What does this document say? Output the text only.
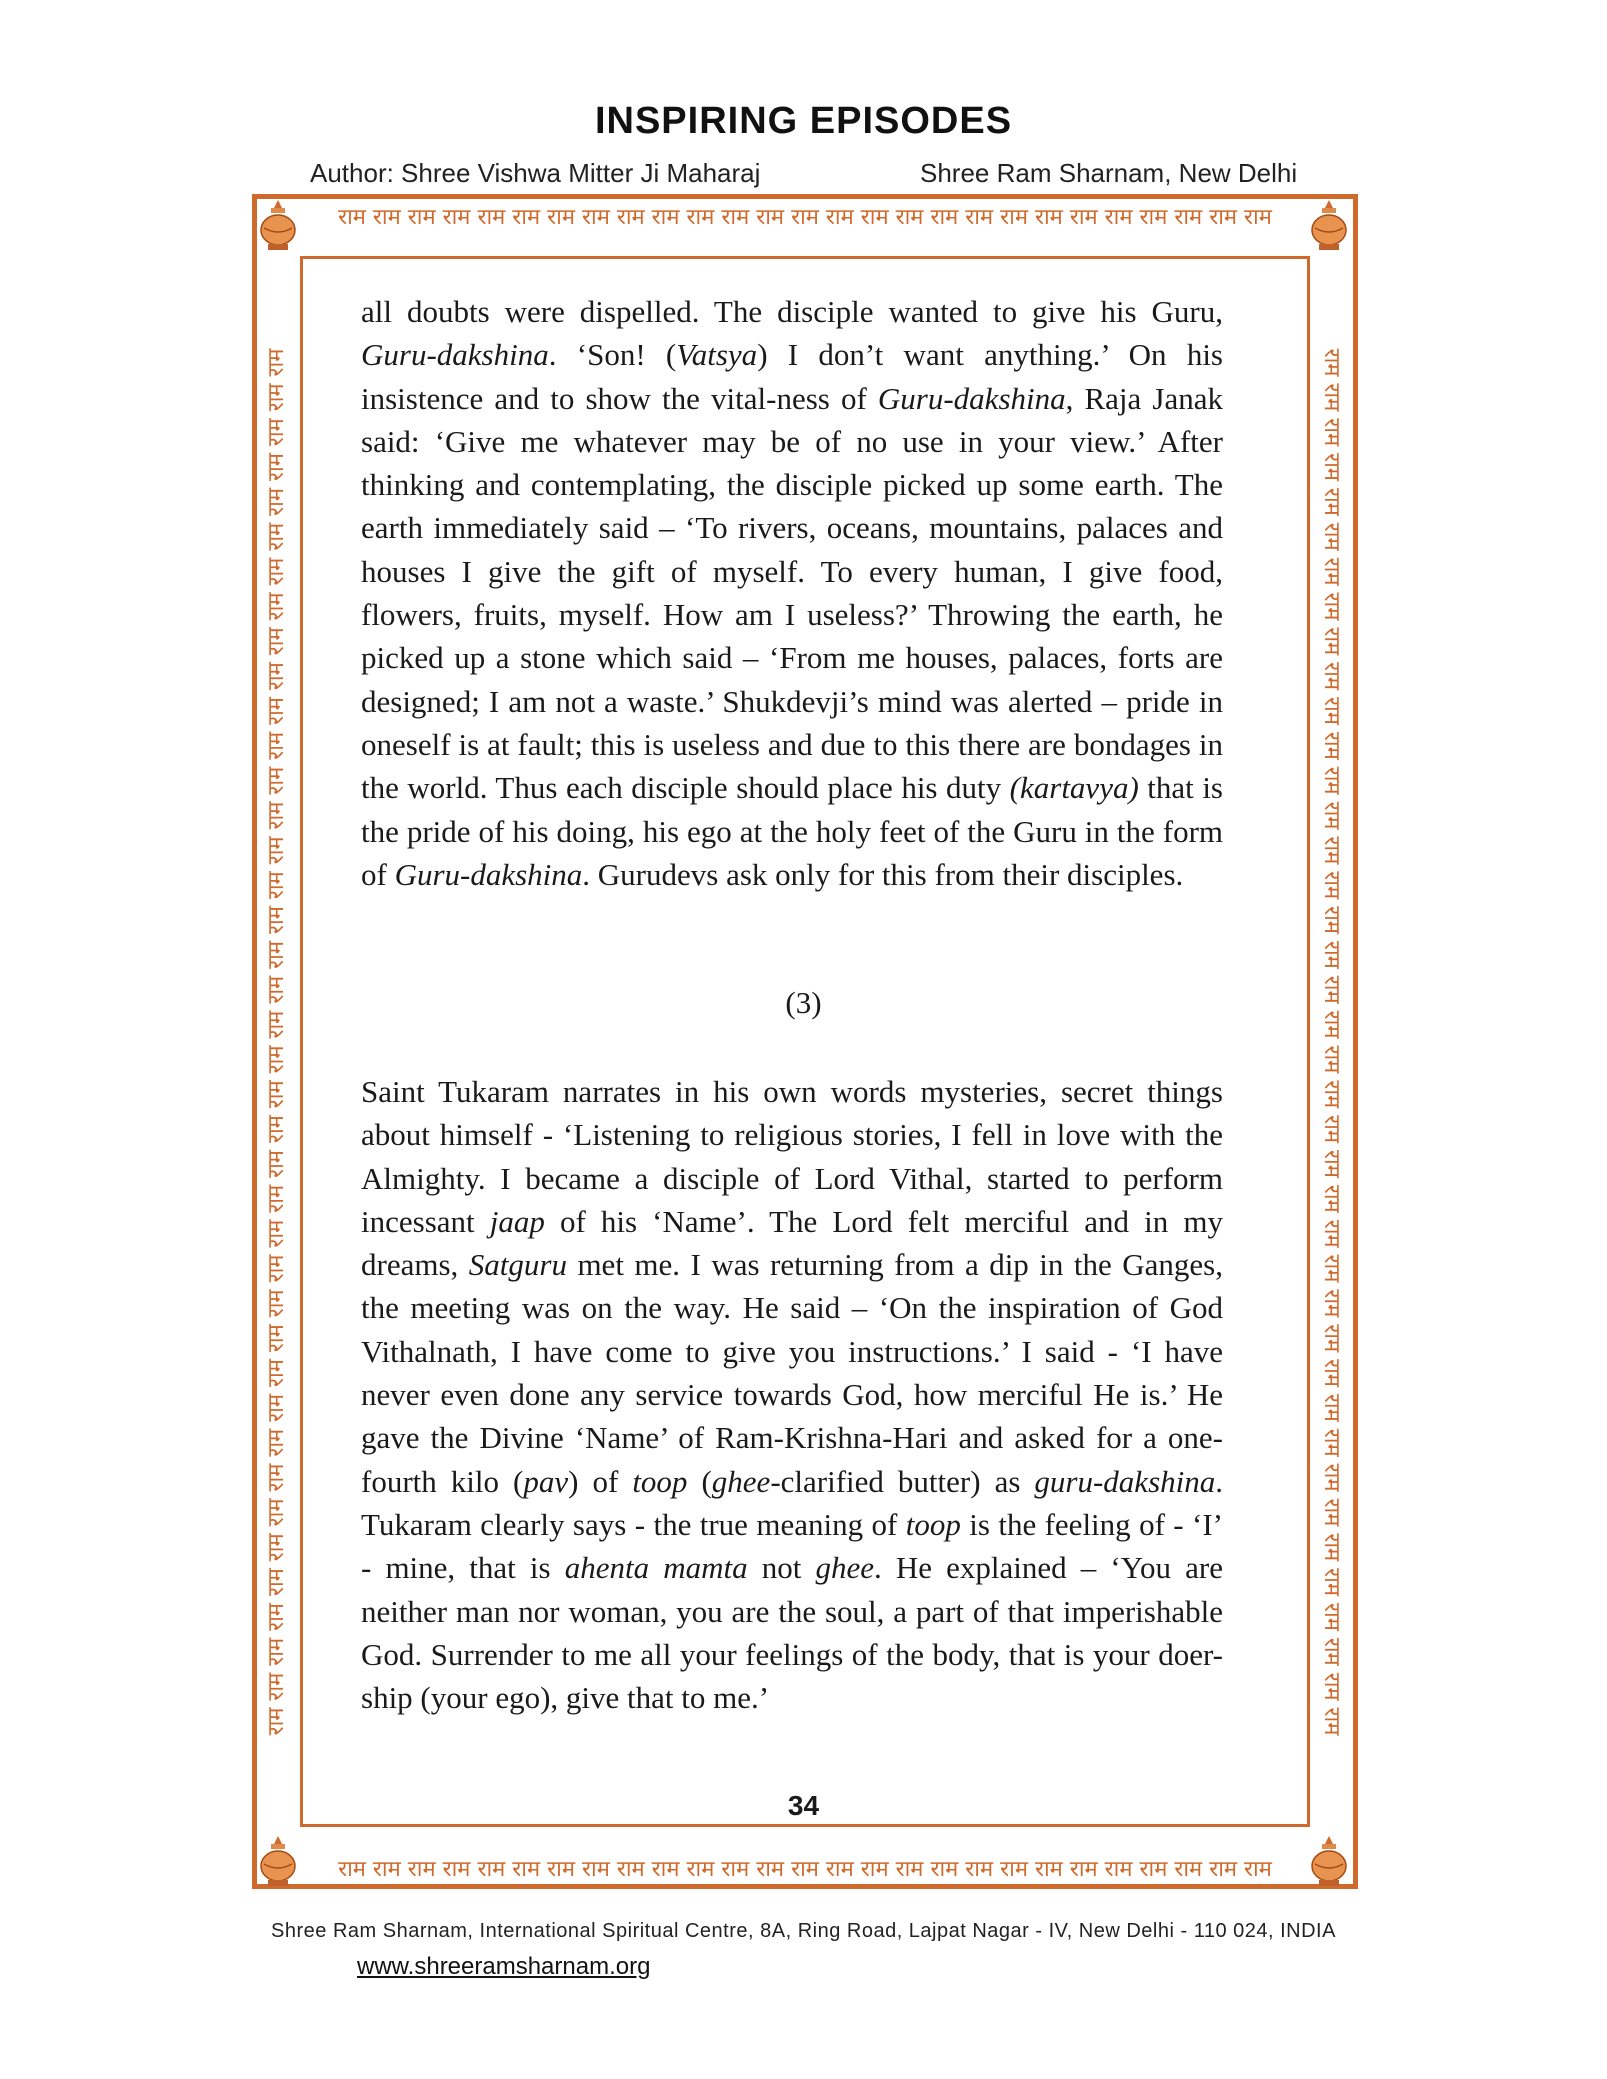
INSPIRING EPISODES
Author: Shree Vishwa Mitter Ji Maharaj	Shree Ram Sharnam, New Delhi
राम राम राम राम राम राम राम राम राम राम राम राम राम राम राम राम राम राम राम राम राम राम राम राम राम राम राम
राम राम राम राम राम राम राम राम राम राम राम राम राम राम राम राम राम राम राम राम राम राम राम राम राम राम राम
राम राम राम राम राम राम राम राम राम राम राम राम राम राम राम राम राम राम राम राम राम राम राम राम राम राम राम राम राम राम राम राम राम राम राम राम राम राम राम राम	राम राम राम राम राम राम राम राम राम राम राम राम राम राम राम राम राम राम राम राम राम राम राम राम राम राम राम राम राम राम राम राम राम राम राम राम राम राम राम राम
all doubts were dispelled. The disciple wanted to give his Guru, Guru-dakshina. ‘Son! (Vatsya) I don’t want anything.’ On his insistence and to show the vital-ness of Guru-dakshina, Raja Janak said: ‘Give me whatever may be of no use in your view.’ After thinking and contemplating, the disciple picked up some earth. The earth immediately said – ‘To rivers, oceans, mountains, palaces and houses I give the gift of myself. To every human, I give food, flowers, fruits, myself. How am I useless?’ Throwing the earth, he picked up a stone which said – ‘From me houses, palaces, forts are designed; I am not a waste.’ Shukdevji’s mind was alerted – pride in oneself is at fault; this is useless and due to this there are bondages in the world. Thus each disciple should place his duty (kartavya) that is the pride of his doing, his ego at the holy feet of the Guru in the form of Guru-dakshina. Gurudevs ask only for this from their disciples.
(3)
Saint Tukaram narrates in his own words mysteries, secret things about himself - ‘Listening to religious stories, I fell in love with the Almighty. I became a disciple of Lord Vithal, started to perform incessant jaap of his ‘Name’. The Lord felt merciful and in my dreams, Satguru met me. I was returning from a dip in the Ganges, the meeting was on the way. He said – ‘On the inspiration of God Vithalnath, I have come to give you instructions.’ I said - ‘I have never even done any service towards God, how merciful He is.’ He gave the Divine ‘Name’ of Ram-Krishna-Hari and asked for a one-fourth kilo (pav) of toop (ghee-clarified butter) as guru-dakshina. Tukaram clearly says - the true meaning of toop is the feeling of - ‘I’ - mine, that is ahenta mamta not ghee. He explained – ‘You are neither man nor woman, you are the soul, a part of that imperishable God. Surrender to me all your feelings of the body, that is your doer-ship (your ego), give that to me.’
34
Shree Ram Sharnam, International Spiritual Centre, 8A, Ring Road, Lajpat Nagar - IV, New Delhi - 110 024, INDIA
www.shreeramsharnam.org
